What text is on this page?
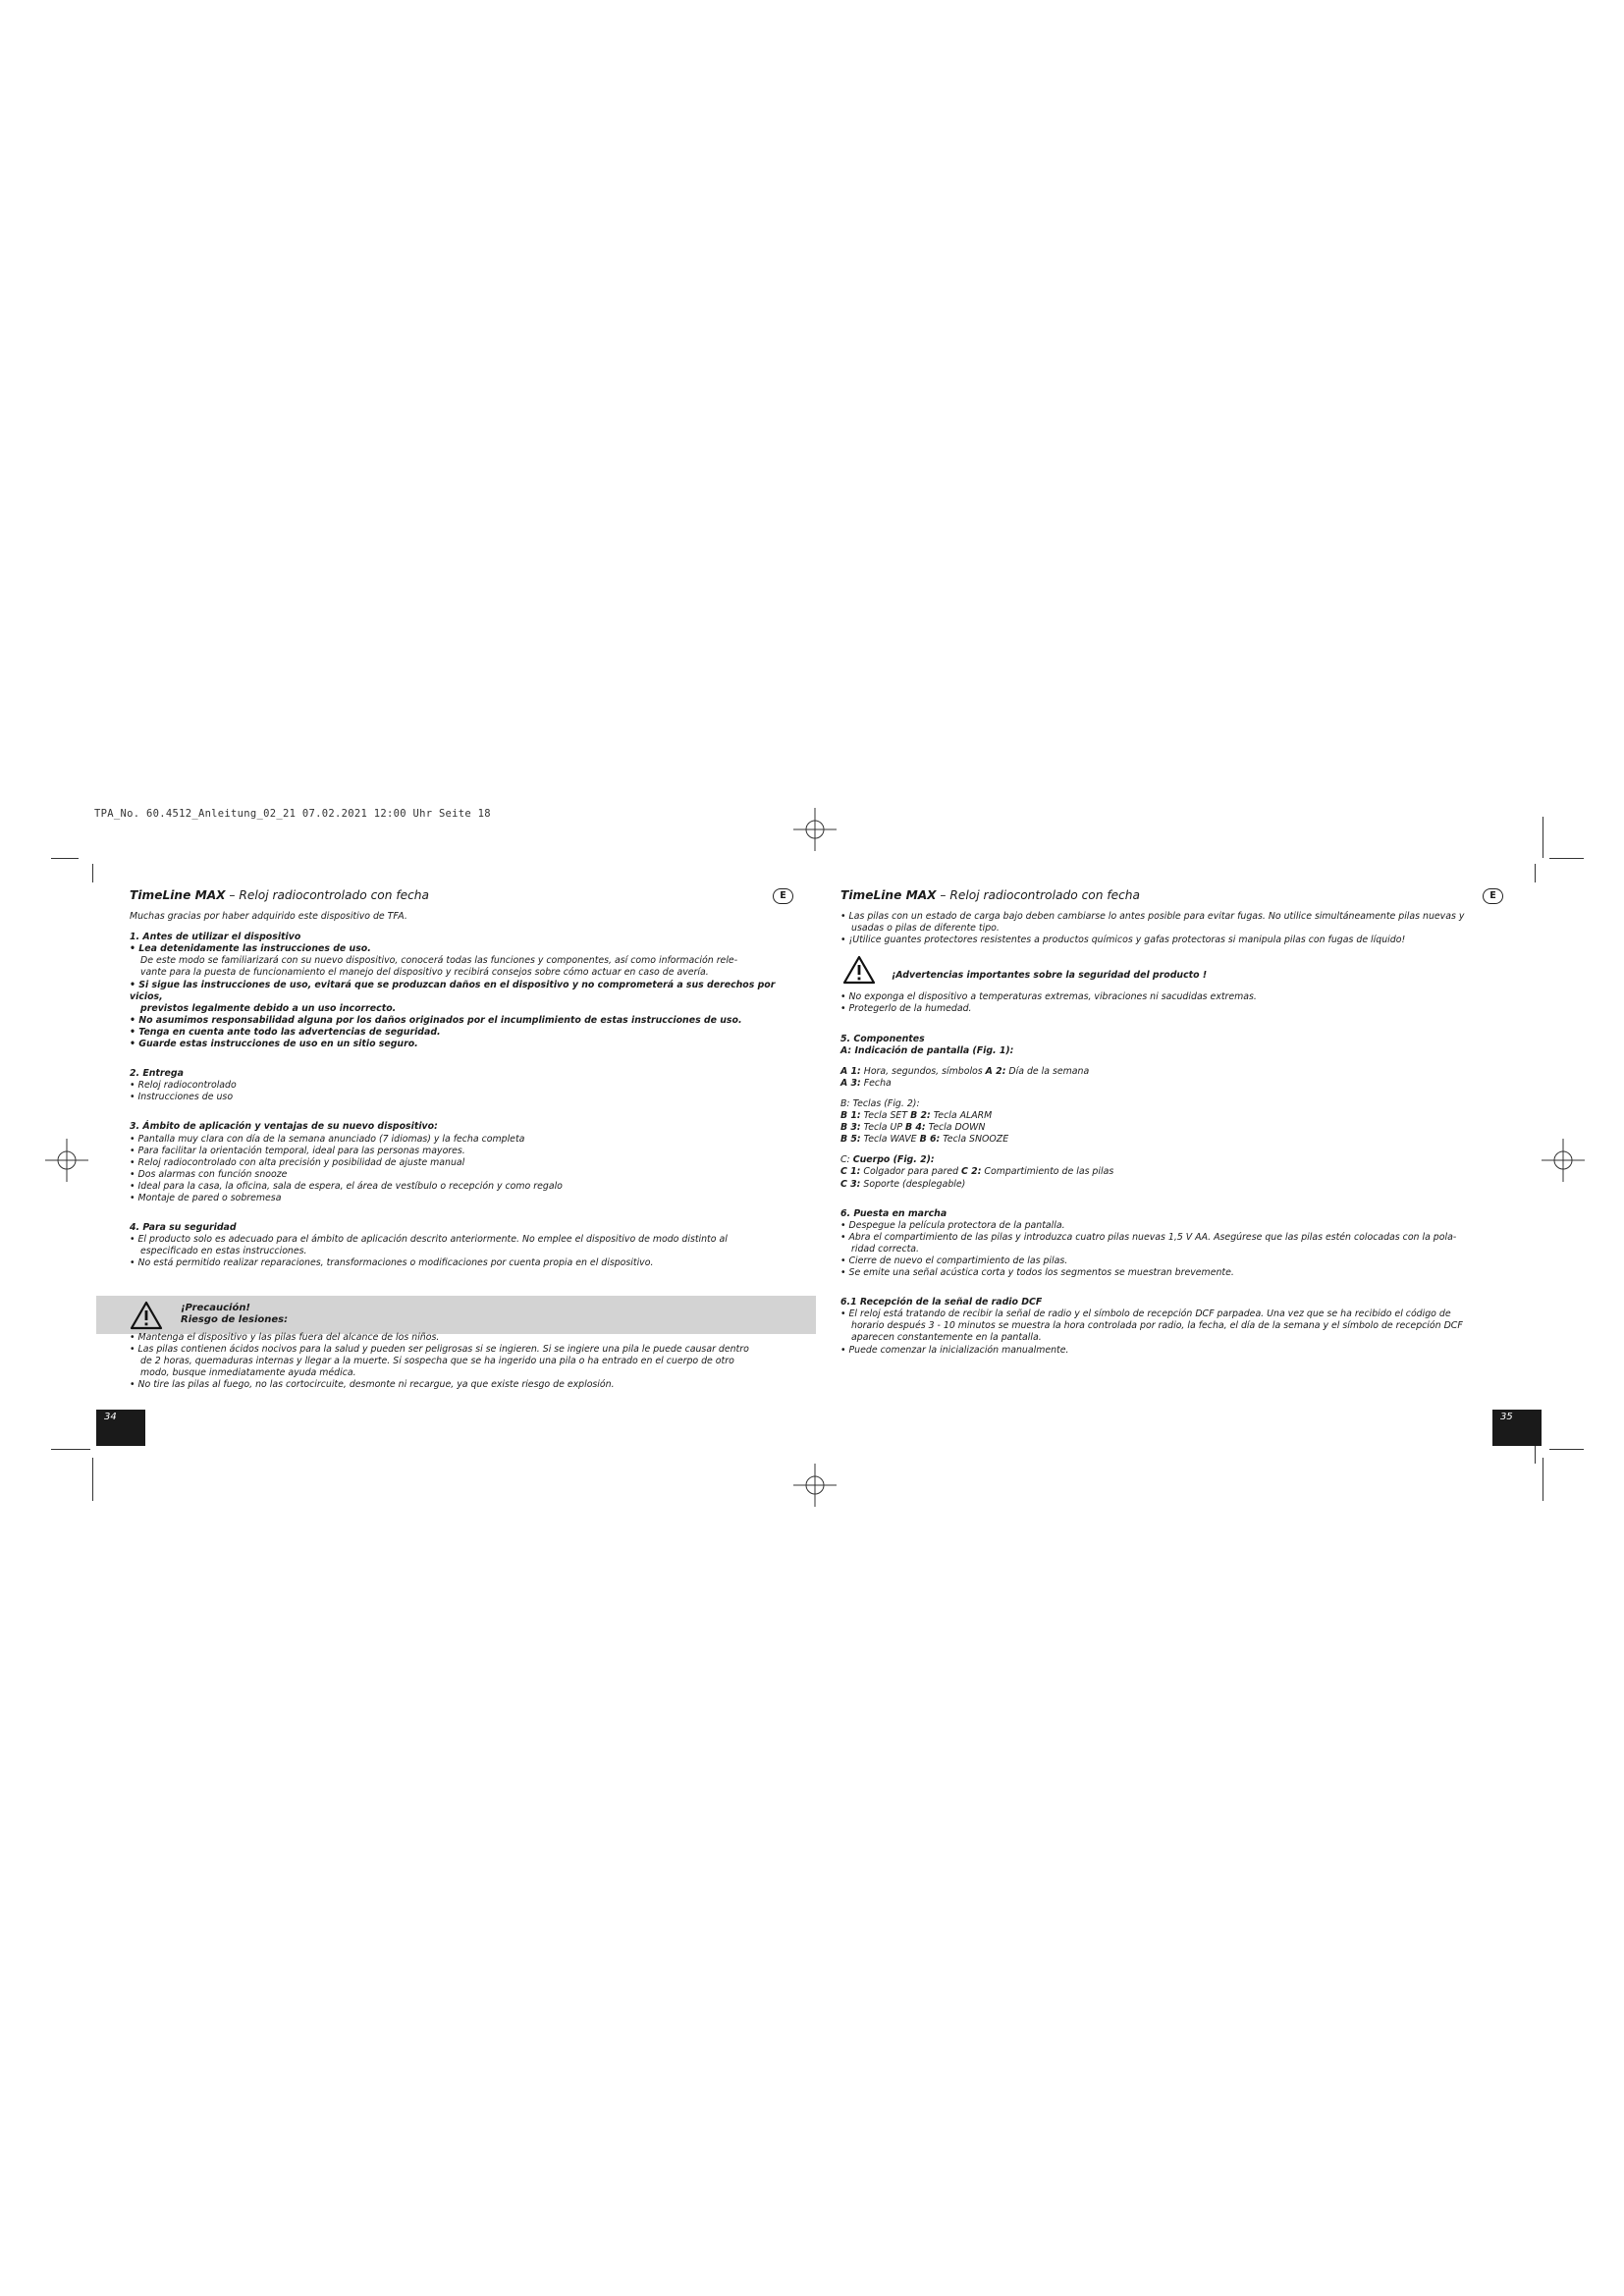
TPA_No. 60.4512_Anleitung_02_21 07.02.2021 12:00 Uhr Seite 18
E

TimeLine MAX – Reloj radiocontrolado con fecha

Muchas gracias por haber adquirido este dispositivo de TFA.

1. Antes de utilizar el dispositivo

• Lea detenidamente las instrucciones de uso.

De este modo se familiarizará con su nuevo dispositivo, conocerá todas las funciones y componentes, así como información rele-

vante para la puesta de funcionamiento el manejo del dispositivo y recibirá consejos sobre cómo actuar en caso de avería.

• Si sigue las instrucciones de uso, evitará que se produzcan daños en el dispositivo y no comprometerá a sus derechos por vicios,

previstos legalmente debido a un uso incorrecto.

• No asumimos responsabilidad alguna por los daños originados por el incumplimiento de estas instrucciones de uso.

• Tenga en cuenta ante todo las advertencias de seguridad.

• Guarde estas instrucciones de uso en un sitio seguro.

2. Entrega

• Reloj radiocontrolado

• Instrucciones de uso

3. Ámbito de aplicación y ventajas de su nuevo dispositivo:

• Pantalla muy clara con día de la semana anunciado (7 idiomas) y la fecha completa

• Para facilitar la orientación temporal, ideal para las personas mayores.

• Reloj radiocontrolado con alta precisión y posibilidad de ajuste manual

• Dos alarmas con función snooze

• Ideal para la casa, la oficina, sala de espera, el área de vestíbulo o recepción y como regalo

• Montaje de pared o sobremesa

4. Para su seguridad

• El producto solo es adecuado para el ámbito de aplicación descrito anteriormente. No emplee el dispositivo de modo distinto al

especificado en estas instrucciones.

• No está permitido realizar reparaciones, transformaciones o modificaciones por cuenta propia en el dispositivo.

¡Precaución!
Riesgo de lesiones:

• Mantenga el dispositivo y las pilas fuera del alcance de los niños.

• Las pilas contienen ácidos nocivos para la salud y pueden ser peligrosas si se ingieren. Si se ingiere una pila le puede causar dentro

de 2 horas, quemaduras internas y llegar a la muerte. Si sospecha que se ha ingerido una pila o ha entrado en el cuerpo de otro

modo, busque inmediatamente ayuda médica.

• No tire las pilas al fuego, no las cortocircuite, desmonte ni recargue, ya que existe riesgo de explosión.

34
E

TimeLine MAX – Reloj radiocontrolado con fecha

• Las pilas con un estado de carga bajo deben cambiarse lo antes posible para evitar fugas. No utilice simultáneamente pilas nuevas y

usadas o pilas de diferente tipo.

• ¡Utilice guantes protectores resistentes a productos químicos y gafas protectoras si manipula pilas con fugas de líquido!

¡Advertencias importantes sobre la seguridad del producto !

• No exponga el dispositivo a temperaturas extremas, vibraciones ni sacudidas extremas.

• Protegerlo de la humedad.

5. Componentes

A: Indicación de pantalla (Fig. 1):

A 1: Hora, segundos, símbolos A 2: Día de la semana

A 3: Fecha

B: Teclas (Fig. 2):

B 1: Tecla SET B 2: Tecla ALARM

B 3: Tecla UP B 4: Tecla DOWN

B 5: Tecla WAVE B 6: Tecla SNOOZE

C: Cuerpo (Fig. 2):

C 1: Colgador para pared C 2: Compartimiento de las pilas

C 3: Soporte (desplegable)

6. Puesta en marcha

• Despegue la película protectora de la pantalla.

• Abra el compartimiento de las pilas y introduzca cuatro pilas nuevas 1,5 V AA. Asegúrese que las pilas estén colocadas con la pola-

ridad correcta.

• Cierre de nuevo el compartimiento de las pilas.

• Se emite una señal acústica corta y todos los segmentos se muestran brevemente.

6.1 Recepción de la señal de radio DCF

• El reloj está tratando de recibir la señal de radio y el símbolo de recepción DCF parpadea. Una vez que se ha recibido el código de

horario después 3 - 10 minutos se muestra la hora controlada por radio, la fecha, el día de la semana y el símbolo de recepción DCF

aparecen constantemente en la pantalla.

• Puede comenzar la inicialización manualmente.

35
